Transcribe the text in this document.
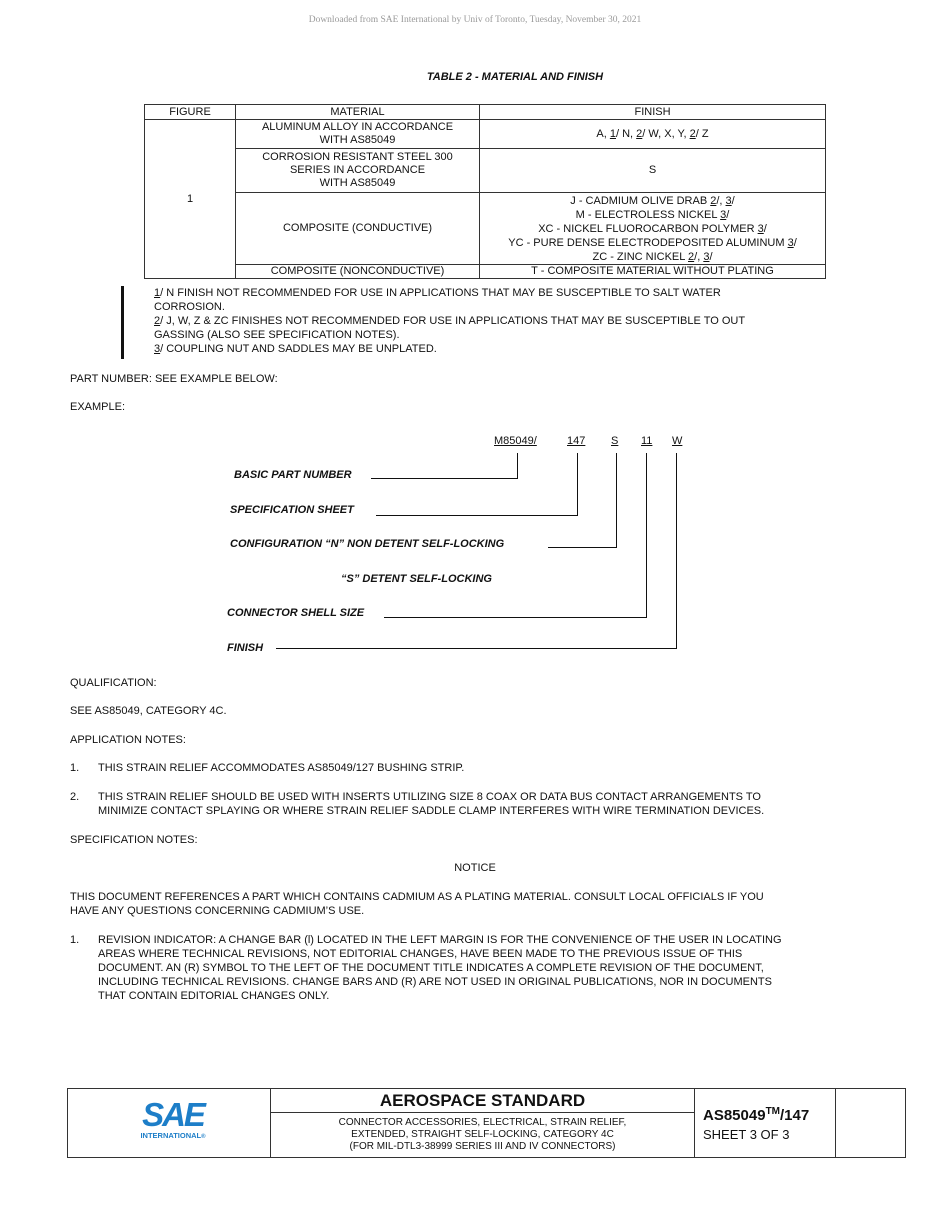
Downloaded from SAE International by Univ of Toronto, Tuesday, November 30, 2021
TABLE 2 - MATERIAL AND FINISH
FIGURE	MATERIAL	FINISH
1	ALUMINUM ALLOY IN ACCORDANCE
WITH AS85049	A, 1/ N, 2/ W, X, Y, 2/ Z

	CORROSION RESISTANT STEEL 300
SERIES IN ACCORDANCE
WITH AS85049	S
	COMPOSITE (CONDUCTIVE)	J - CADMIUM OLIVE DRAB 2/, 3/
M - ELECTROLESS NICKEL 3/
XC - NICKEL FLUOROCARBON POLYMER 3/
YC - PURE DENSE ELECTRODEPOSITED ALUMINUM 3/
ZC - ZINC NICKEL 2/, 3/

	COMPOSITE (NONCONDUCTIVE)	T - COMPOSITE MATERIAL WITHOUT PLATING
1/ N FINISH NOT RECOMMENDED FOR USE IN APPLICATIONS THAT MAY BE SUSCEPTIBLE TO SALT WATER
CORROSION.
2/ J, W, Z & ZC FINISHES NOT RECOMMENDED FOR USE IN APPLICATIONS THAT MAY BE SUSCEPTIBLE TO OUT
GASSING (ALSO SEE SPECIFICATION NOTES).
3/ COUPLING NUT AND SADDLES MAY BE UNPLATED.
PART NUMBER: SEE EXAMPLE BELOW:
EXAMPLE:
M85049/	147 S 11 W
BASIC PART NUMBER
SPECIFICATION SHEET
CONFIGURATION “N” NON DETENT SELF-LOCKING
“S” DETENT SELF-LOCKING
CONNECTOR SHELL SIZE
FINISH
QUALIFICATION:
SEE AS85049, CATEGORY 4C.
APPLICATION NOTES:
1.	THIS STRAIN RELIEF ACCOMMODATES AS85049/127 BUSHING STRIP.
2.	THIS STRAIN RELIEF SHOULD BE USED WITH INSERTS UTILIZING SIZE 8 COAX OR DATA BUS CONTACT ARRANGEMENTS TO
MINIMIZE CONTACT SPLAYING OR WHERE STRAIN RELIEF SADDLE CLAMP INTERFERES WITH WIRE TERMINATION DEVICES.
SPECIFICATION NOTES:
NOTICE
THIS DOCUMENT REFERENCES A PART WHICH CONTAINS CADMIUM AS A PLATING MATERIAL. CONSULT LOCAL OFFICIALS IF YOU
HAVE ANY QUESTIONS CONCERNING CADMIUM’S USE.
1.	REVISION INDICATOR: A CHANGE BAR (l) LOCATED IN THE LEFT MARGIN IS FOR THE CONVENIENCE OF THE USER IN LOCATING
AREAS WHERE TECHNICAL REVISIONS, NOT EDITORIAL CHANGES, HAVE BEEN MADE TO THE PREVIOUS ISSUE OF THIS
DOCUMENT. AN (R) SYMBOL TO THE LEFT OF THE DOCUMENT TITLE INDICATES A COMPLETE REVISION OF THE DOCUMENT,
INCLUDING TECHNICAL REVISIONS. CHANGE BARS AND (R) ARE NOT USED IN ORIGINAL PUBLICATIONS, NOR IN DOCUMENTS
THAT CONTAIN EDITORIAL CHANGES ONLY.
SAE
INTERNATIONAL®
AEROSPACE STANDARD
CONNECTOR ACCESSORIES, ELECTRICAL, STRAIN RELIEF,
EXTENDED, STRAIGHT SELF-LOCKING, CATEGORY 4C
(FOR MIL-DTL3-38999 SERIES III AND IV CONNECTORS)
AS85049™/147
SHEET 3 OF 3
